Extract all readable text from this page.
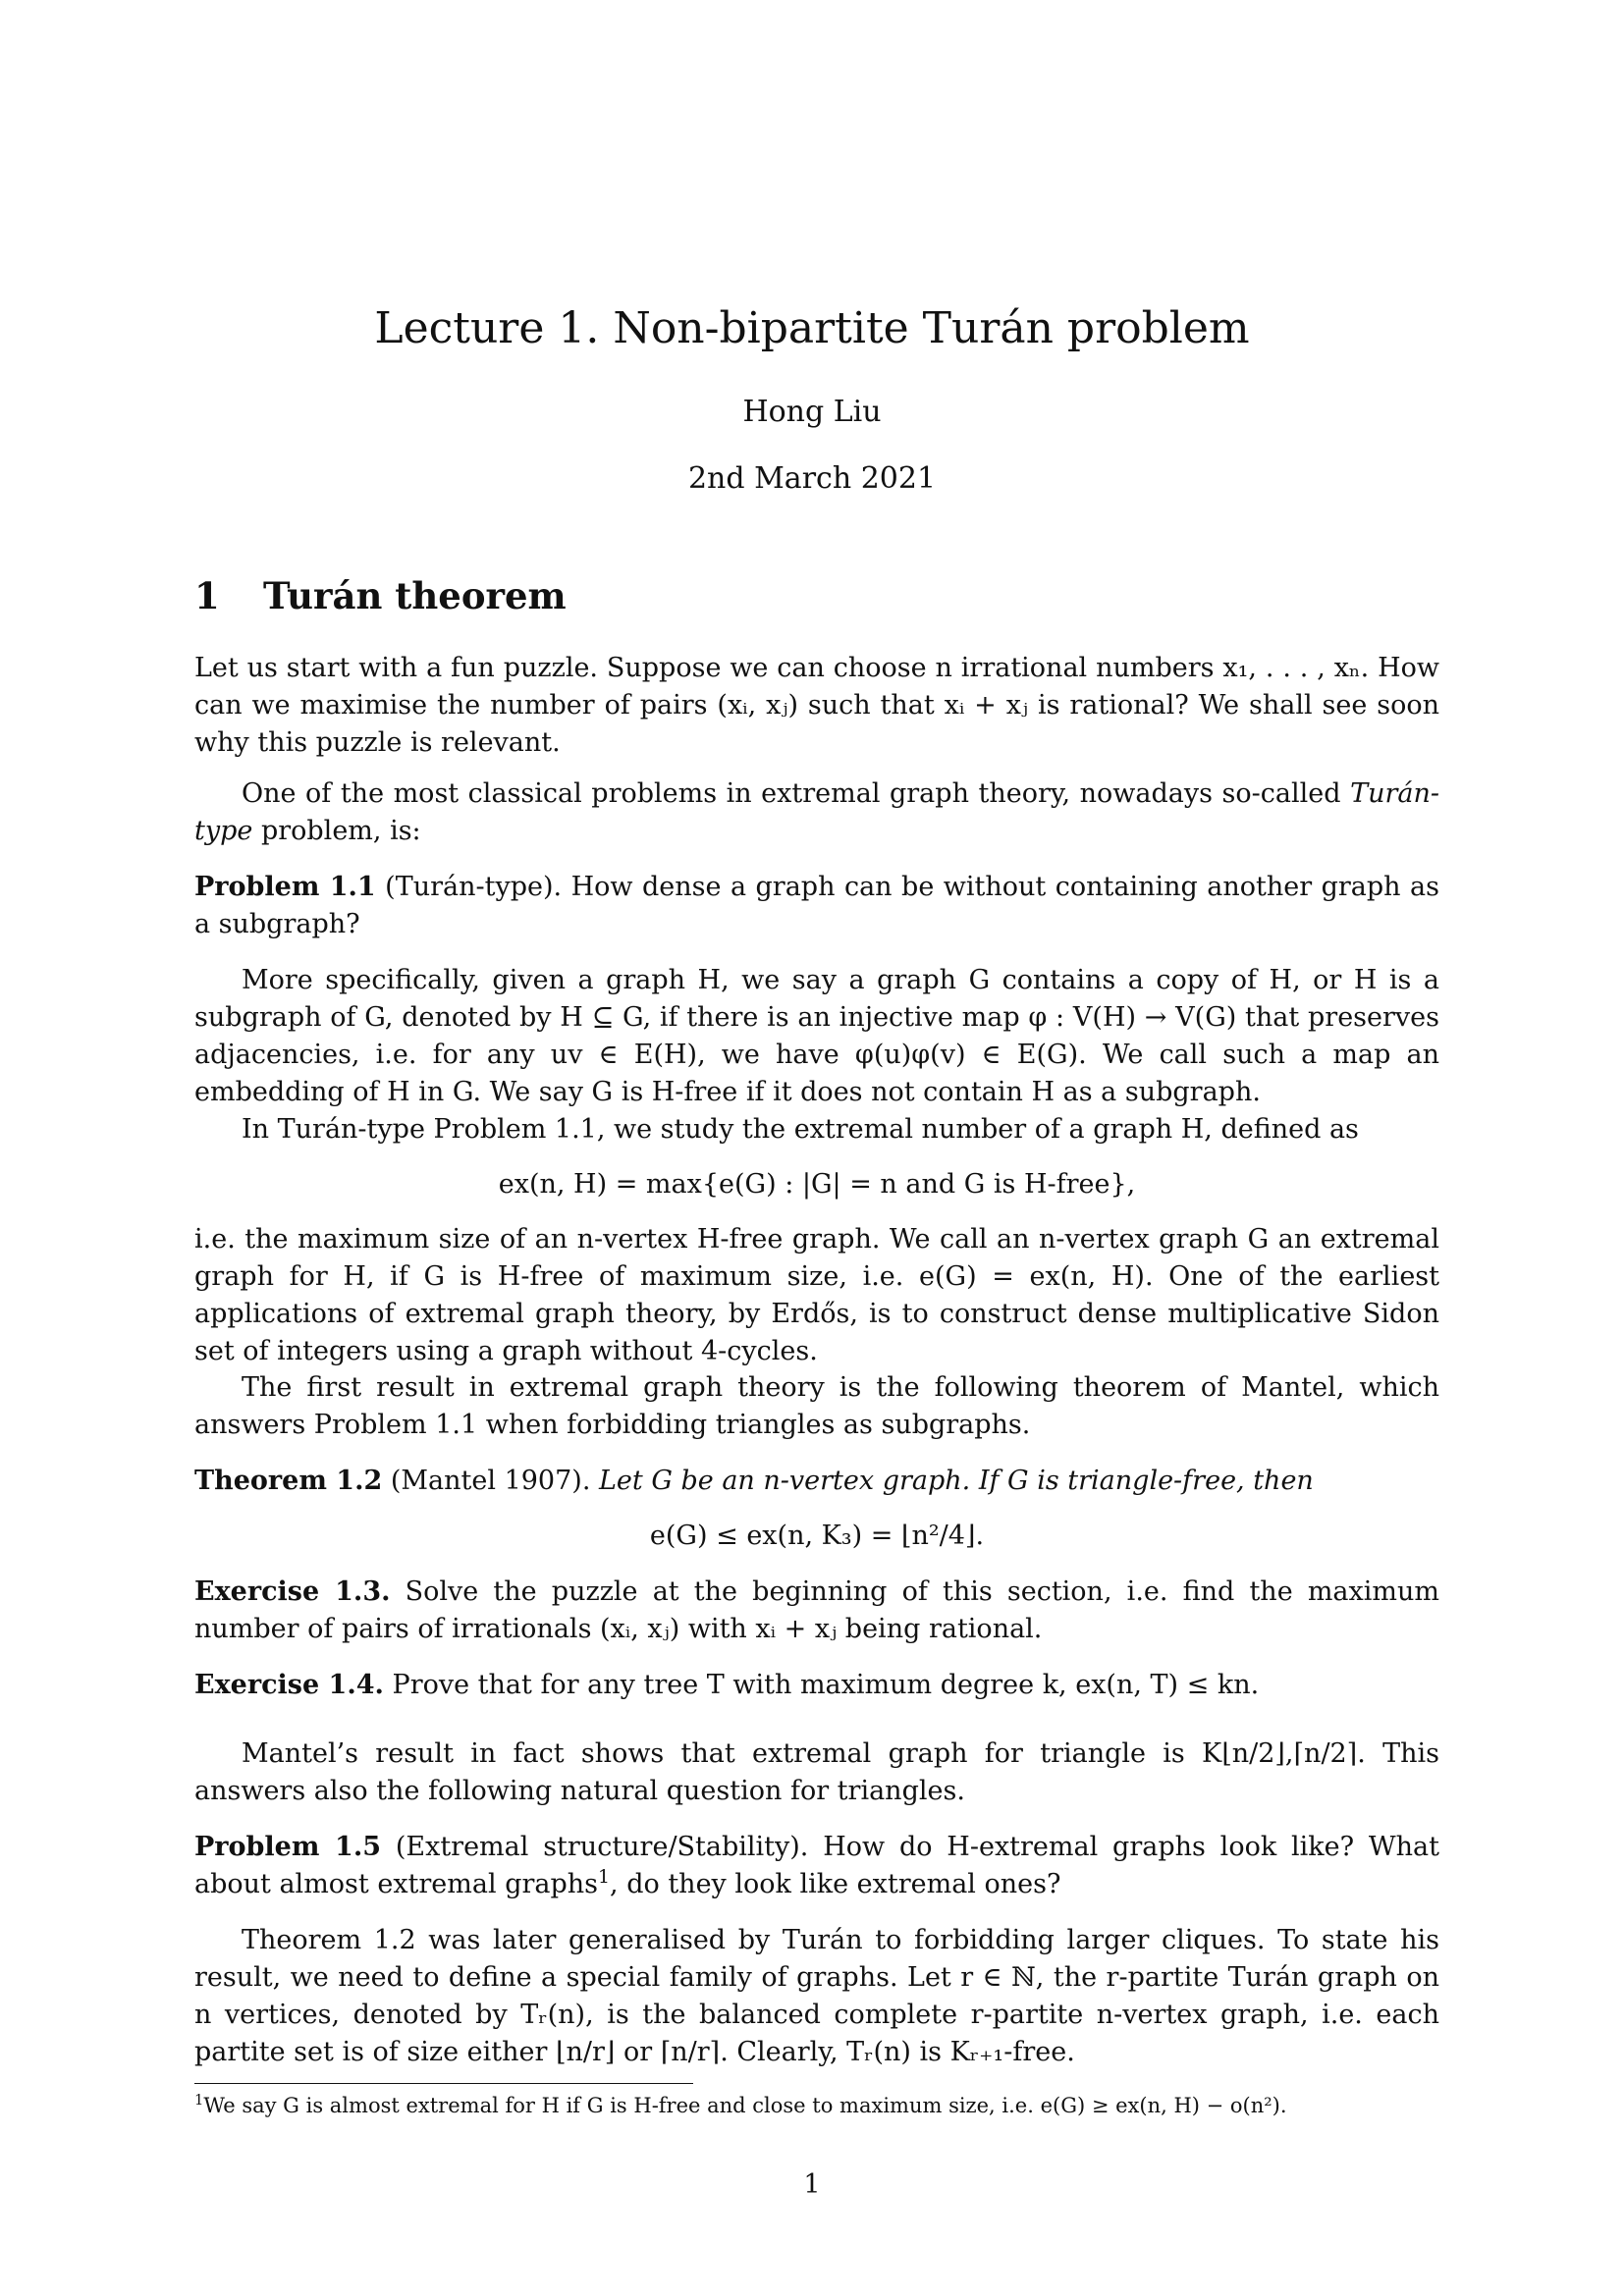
Lecture 1. Non-bipartite Turán problem
Hong Liu
2nd March 2021
1 Turán theorem

Let us start with a fun puzzle. Suppose we can choose n irrational numbers x₁, . . . , xₙ. How can we maximise the number of pairs (xᵢ, xⱼ) such that xᵢ + xⱼ is rational? We shall see soon why this puzzle is relevant.

One of the most classical problems in extremal graph theory, nowadays so-called Turán-type problem, is:

Problem 1.1 (Turán-type). How dense a graph can be without containing another graph as a subgraph?

More specifically, given a graph H, we say a graph G contains a copy of H, or H is a subgraph of G, denoted by H ⊆ G, if there is an injective map φ : V(H) → V(G) that preserves adjacencies, i.e. for any uv ∈ E(H), we have φ(u)φ(v) ∈ E(G). We call such a map an embedding of H in G. We say G is H-free if it does not contain H as a subgraph.

In Turán-type Problem 1.1, we study the extremal number of a graph H, defined as

ex(n, H) = max{e(G) : |G| = n and G is H-free},

i.e. the maximum size of an n-vertex H-free graph. We call an n-vertex graph G an extremal graph for H, if G is H-free of maximum size, i.e. e(G) = ex(n, H). One of the earliest applications of extremal graph theory, by Erdős, is to construct dense multiplicative Sidon set of integers using a graph without 4-cycles.

The first result in extremal graph theory is the following theorem of Mantel, which answers Problem 1.1 when forbidding triangles as subgraphs.

Theorem 1.2 (Mantel 1907). Let G be an n-vertex graph. If G is triangle-free, then

e(G) ≤ ex(n, K₃) = ⌊n²/4⌋.

Exercise 1.3. Solve the puzzle at the beginning of this section, i.e. find the maximum number of pairs of irrationals (xᵢ, xⱼ) with xᵢ + xⱼ being rational.

Exercise 1.4. Prove that for any tree T with maximum degree k, ex(n, T) ≤ kn.

Mantel’s result in fact shows that extremal graph for triangle is K⌊n/2⌋,⌈n/2⌉. This answers also the following natural question for triangles.

Problem 1.5 (Extremal structure/Stability). How do H-extremal graphs look like? What about almost extremal graphs$^1$, do they look like extremal ones?

Theorem 1.2 was later generalised by Turán to forbidding larger cliques. To state his result, we need to define a special family of graphs. Let r ∈ ℕ, the r-partite Turán graph on n vertices, denoted by Tᵣ(n), is the balanced complete r-partite n-vertex graph, i.e. each partite set is of size either ⌊n/r⌋ or ⌈n/r⌉. Clearly, Tᵣ(n) is Kᵣ₊₁-free.

$^1$We say G is almost extremal for H if G is H-free and close to maximum size, i.e. e(G) ≥ ex(n, H) − o(n²).
1
